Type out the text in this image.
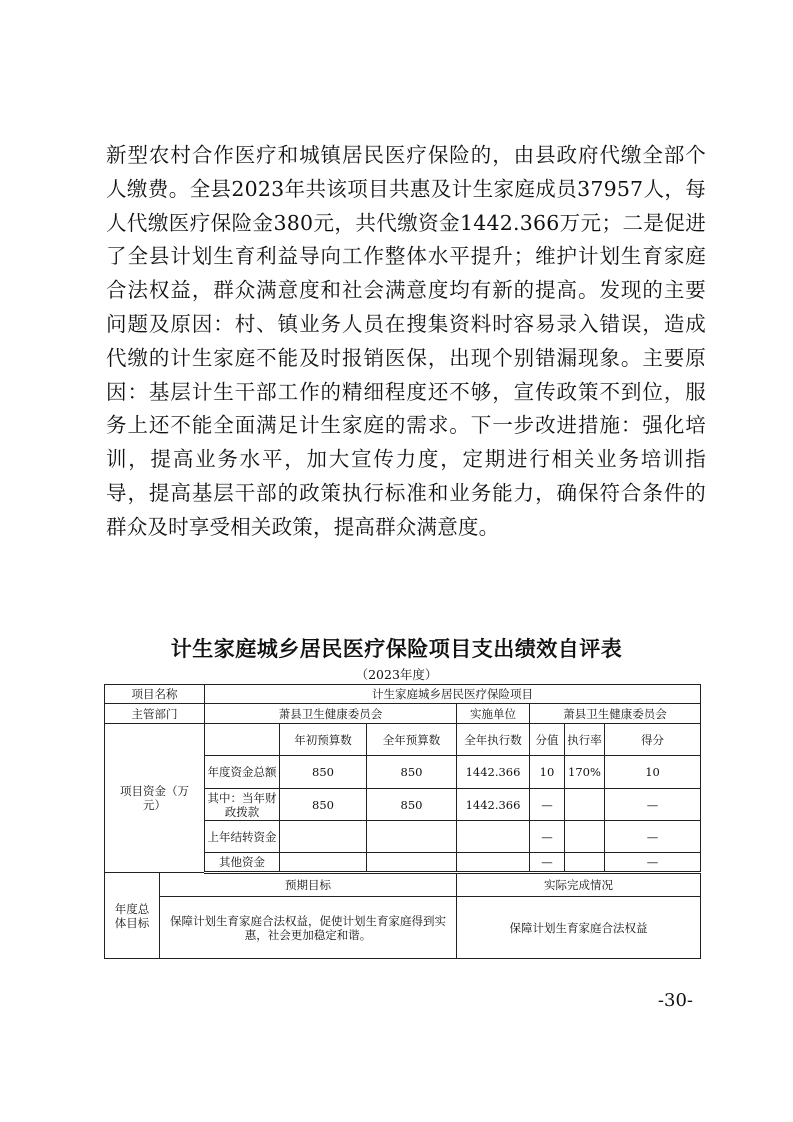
新型农村合作医疗和城镇居民医疗保险的，由县政府代缴全部个人缴费。全县2023年共该项目共惠及计生家庭成员37957人，每人代缴医疗保险金380元，共代缴资金1442.366万元；二是促进了全县计划生育利益导向工作整体水平提升；维护计划生育家庭合法权益，群众满意度和社会满意度均有新的提高。发现的主要问题及原因：村、镇业务人员在搜集资料时容易录入错误，造成代缴的计生家庭不能及时报销医保，出现个别错漏现象。主要原因：基层计生干部工作的精细程度还不够，宣传政策不到位，服务上还不能全面满足计生家庭的需求。下一步改进措施：强化培训，提高业务水平，加大宣传力度，定期进行相关业务培训指导，提高基层干部的政策执行标准和业务能力，确保符合条件的群众及时享受相关政策，提高群众满意度。

计生家庭城乡居民医疗保险项目支出绩效自评表
（2023年度）
项目名称		计生家庭城乡居民医疗保险项目						
主管部门		萧县卫生健康委员会			实施单位	萧县卫生健康委员会		
项目资金（万元）			年初预算数	全年预算数	全年执行数	分值	执行率	得分
		年度资金总额	850	850	1442.366	10	170%	10
		其中：当年财政拨款	850	850	1442.366	—		—
		上年结转资金				—		—
		其他资金				—		—
年度总体目标	预期目标				实际完成情况			
	保障计划生育家庭合法权益，促使计划生育家庭得到实惠，社会更加稳定和谐。				保障计划生育家庭合法权益			
-30-
